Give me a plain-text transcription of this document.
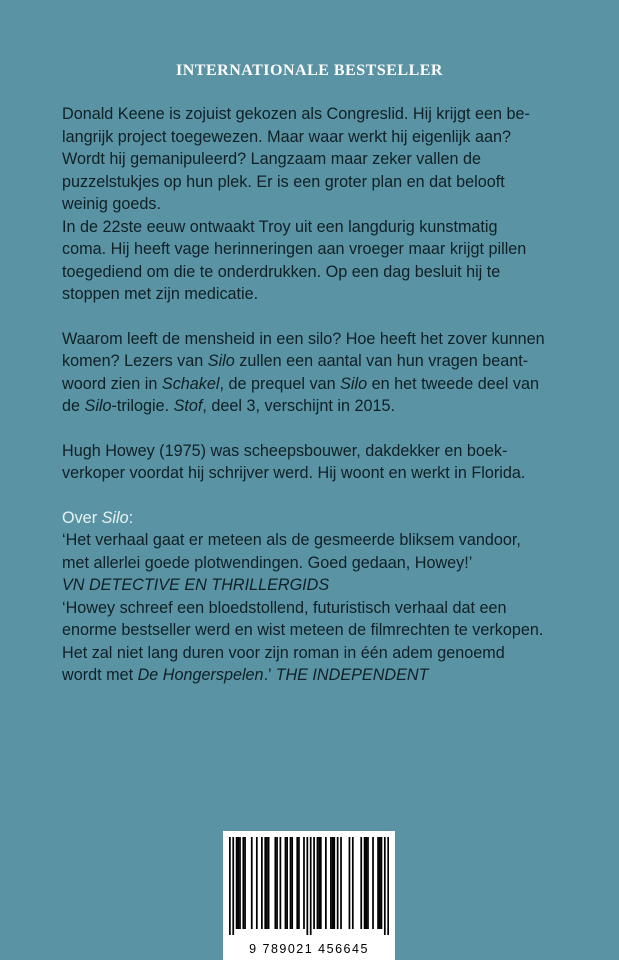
INTERNATIONALE BESTSELLER

Donald Keene is zojuist gekozen als Congreslid. Hij krijgt een be-
langrijk project toegewezen. Maar waar werkt hij eigenlijk aan?
Wordt hij gemanipuleerd? Langzaam maar zeker vallen de
puzzelstukjes op hun plek. Er is een groter plan en dat belooft
weinig goeds.

In de 22ste eeuw ontwaakt Troy uit een langdurig kunstmatig
coma. Hij heeft vage herinneringen aan vroeger maar krijgt pillen
toegediend om die te onderdrukken. Op een dag besluit hij te
stoppen met zijn medicatie.

Waarom leeft de mensheid in een silo? Hoe heeft het zover kunnen
komen? Lezers van Silo zullen een aantal van hun vragen beant-
woord zien in Schakel, de prequel van Silo en het tweede deel van
de Silo-trilogie. Stof, deel 3, verschijnt in 2015.

Hugh Howey (1975) was scheepsbouwer, dakdekker en boek-
verkoper voordat hij schrijver werd. Hij woont en werkt in Florida.

Over Silo:
‘Het verhaal gaat er meteen als de gesmeerde bliksem vandoor,
met allerlei goede plotwendingen. Goed gedaan, Howey!’
VN DETECTIVE EN THRILLERGIDS
‘Howey schreef een bloedstollend, futuristisch verhaal dat een
enorme bestseller werd en wist meteen de filmrechten te verkopen.
Het zal niet lang duren voor zijn roman in één adem genoemd
wordt met De Hongerspelen.’ THE INDEPENDENT

9 789021 456645
